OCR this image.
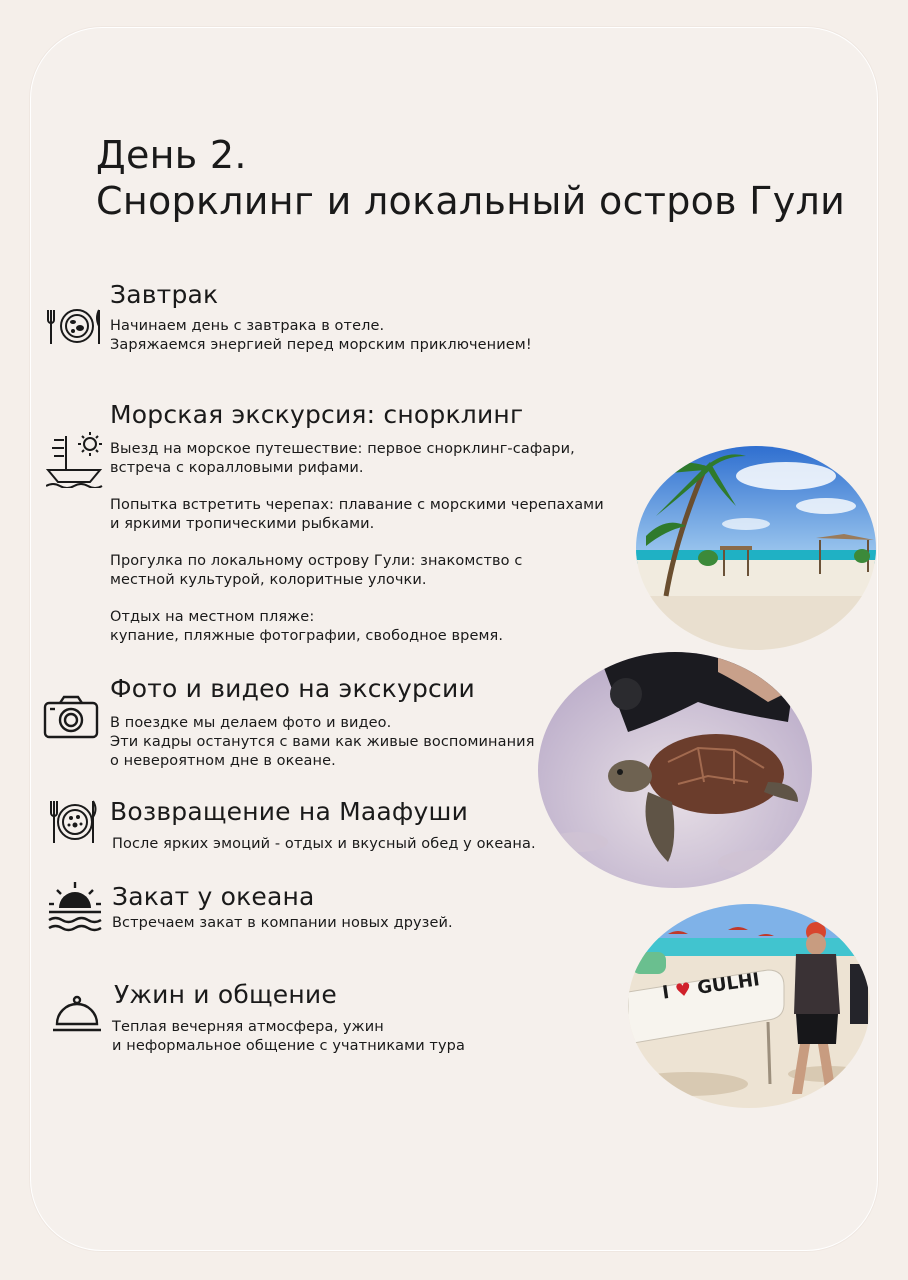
День 2.
Снорклинг и локальный остров Гули
Завтрак
Начинаем день с завтрака в отеле.
Заряжаемся энергией перед морским приключением!
Морская экскурсия: снорклинг
Выезд на морское путешествие: первое снорклинг-сафари,
встреча с коралловыми рифами.
Попытка встретить черепах: плавание с морскими черепахами
и яркими тропическими рыбками.
Прогулка по локальному острову Гули: знакомство с
местной культурой, колоритные улочки.
Отдых на местном пляже:
купание, пляжные фотографии, свободное время.
Фото и видео на экскурсии
В поездке мы делаем фото и видео.
Эти кадры останутся с вами как живые воспоминания
о невероятном дне в океане.
Возвращение на Маафуши
После ярких эмоций - отдых и вкусный обед у океана.
Закат у океана
Встречаем закат в компании новых друзей.
Ужин и общение
Теплая вечерняя атмосфера, ужин
и неформальное общение с учатниками тура
I ♥ GULHI
